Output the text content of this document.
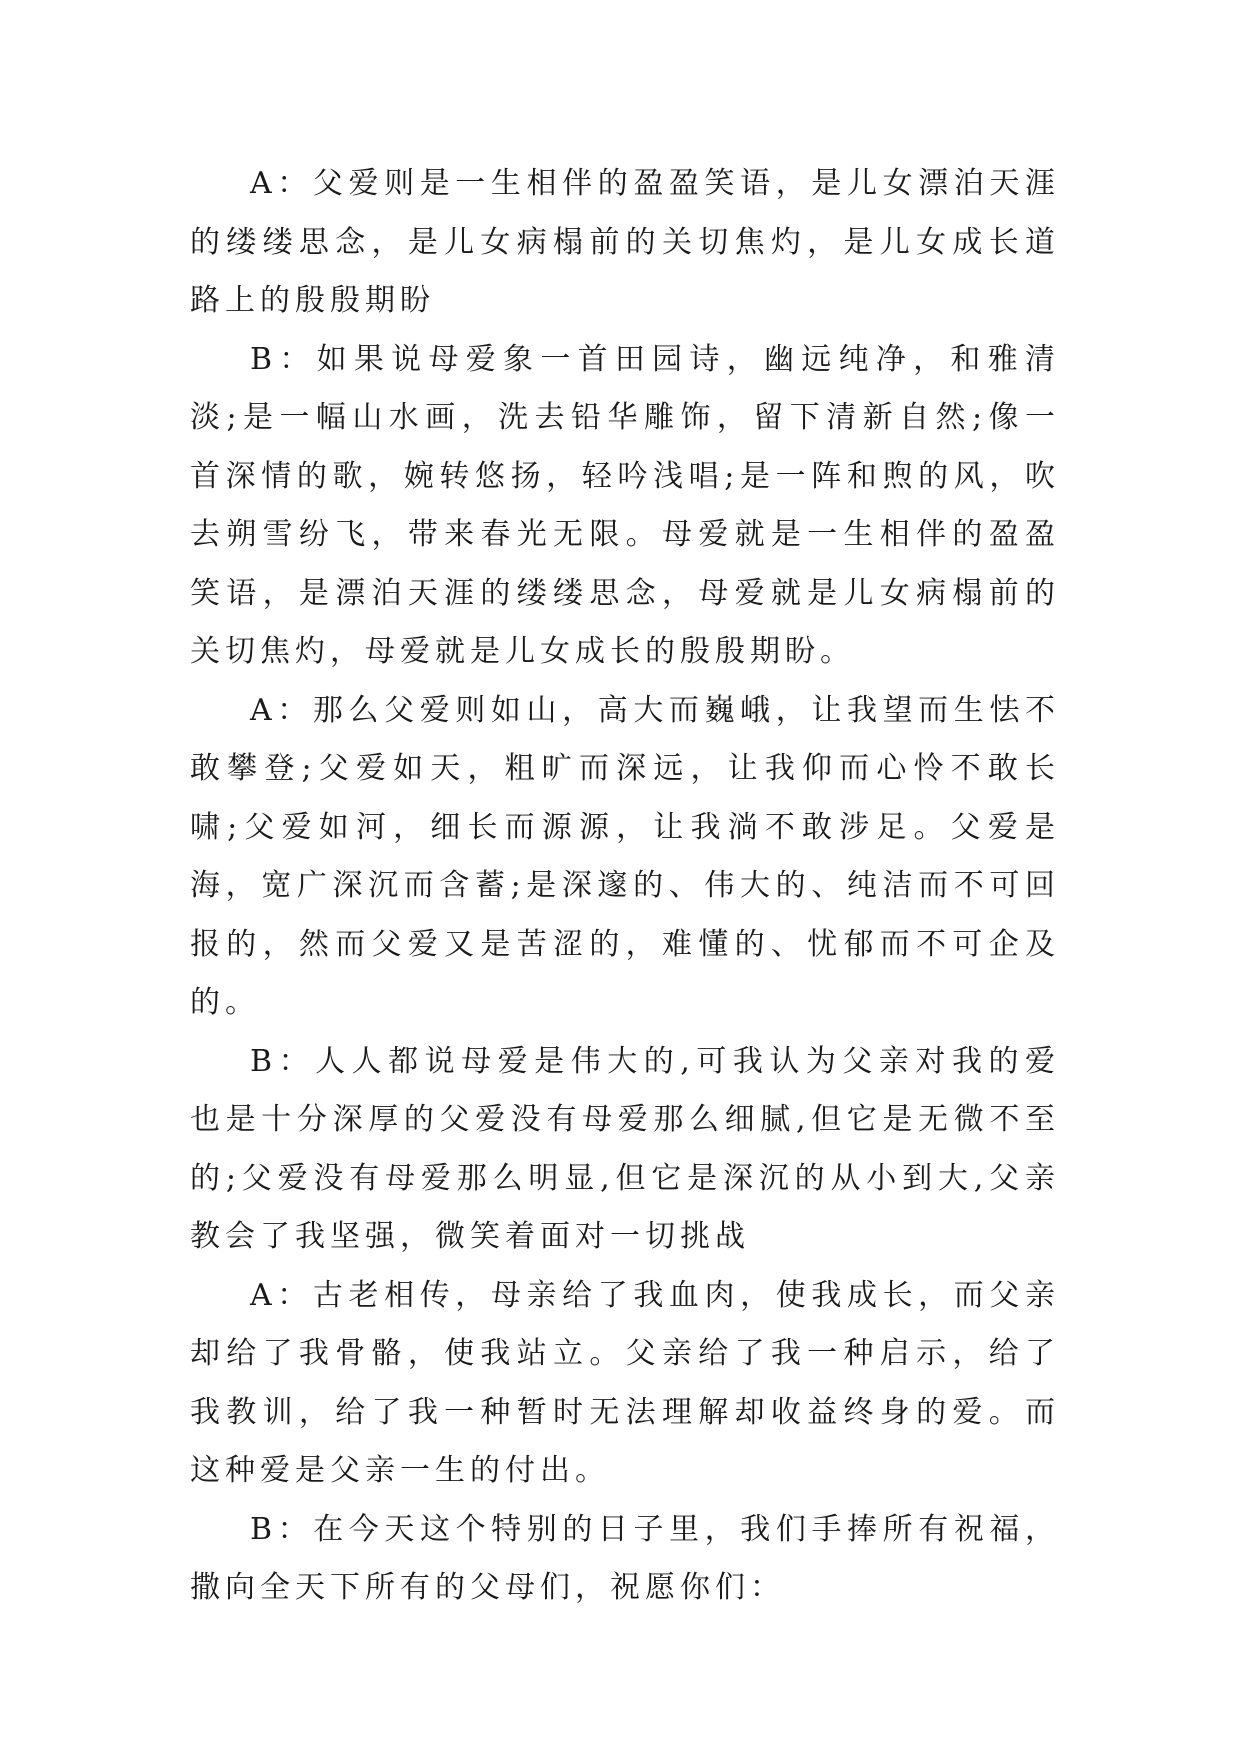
A：父爱则是一生相伴的盈盈笑语，是儿女漂泊天涯的缕缕思念，是儿女病榻前的关切焦灼，是儿女成长道路上的殷殷期盼

B：如果说母爱象一首田园诗，幽远纯净，和雅清淡;是一幅山水画，洗去铅华雕饰，留下清新自然;像一首深情的歌，婉转悠扬，轻吟浅唱;是一阵和煦的风，吹去朔雪纷飞，带来春光无限。母爱就是一生相伴的盈盈笑语，是漂泊天涯的缕缕思念，母爱就是儿女病榻前的关切焦灼，母爱就是儿女成长的殷殷期盼。

A：那么父爱则如山，高大而巍峨，让我望而生怯不敢攀登;父爱如天，粗旷而深远，让我仰而心怜不敢长啸;父爱如河，细长而源源，让我淌不敢涉足。父爱是海，宽广深沉而含蓄;是深邃的、伟大的、纯洁而不可回报的，然而父爱又是苦涩的，难懂的、忧郁而不可企及的。

B：人人都说母爱是伟大的,可我认为父亲对我的爱也是十分深厚的父爱没有母爱那么细腻,但它是无微不至的;父爱没有母爱那么明显,但它是深沉的从小到大,父亲教会了我坚强，微笑着面对一切挑战

A：古老相传，母亲给了我血肉，使我成长，而父亲却给了我骨骼，使我站立。父亲给了我一种启示，给了我教训，给了我一种暂时无法理解却收益终身的爱。而这种爱是父亲一生的付出。

B：在今天这个特别的日子里，我们手捧所有祝福，撒向全天下所有的父母们，祝愿你们：
